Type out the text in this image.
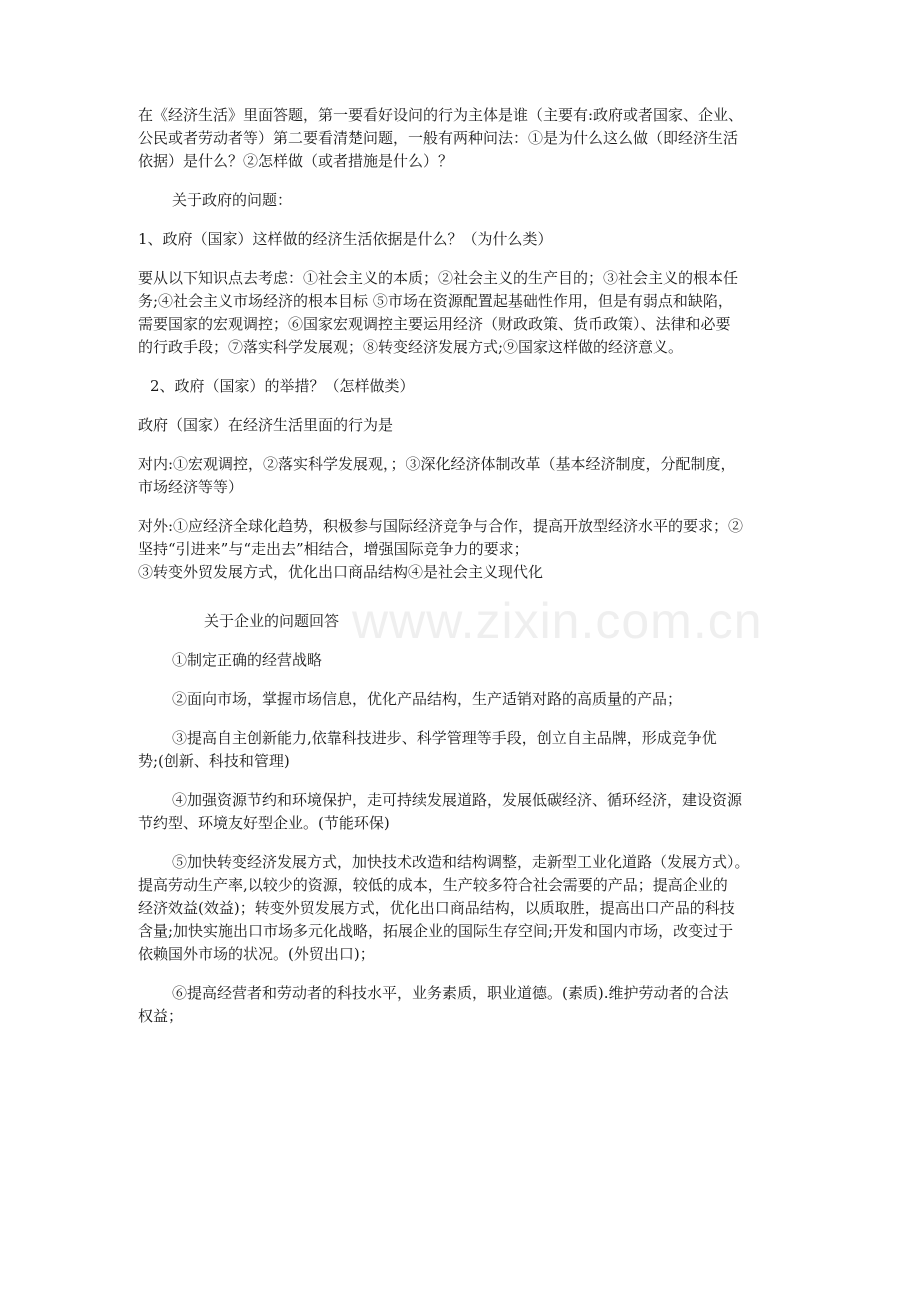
在《经济生活》里面答题，第一要看好设问的行为主体是谁（主要有:政府或者国家、企业、
公民或者劳动者等）第二要看清楚问题，一般有两种问法：①是为什么这么做（即经济生活
依据）是什么？②怎样做（或者措施是什么）？

关于政府的问题：

1、政府（国家）这样做的经济生活依据是什么？（为什么类）

要从以下知识点去考虑：①社会主义的本质；②社会主义的生产目的；③社会主义的根本任
务;④社会主义市场经济的根本目标 ⑤市场在资源配置起基础性作用，但是有弱点和缺陷，
需要国家的宏观调控；⑥国家宏观调控主要运用经济（财政政策、货币政策）、法律和必要
的行政手段；⑦落实科学发展观；⑧转变经济发展方式;⑨国家这样做的经济意义。

2、政府（国家）的举措？（怎样做类）

政府（国家）在经济生活里面的行为是

对内:①宏观调控，②落实科学发展观，；③深化经济体制改革（基本经济制度，分配制度，
市场经济等等）

对外:①应经济全球化趋势，积极参与国际经济竞争与合作，提高开放型经济水平的要求；②
坚持“引进来”与“走出去”相结合，增强国际竞争力的要求；
③转变外贸发展方式，优化出口商品结构④是社会主义现代化

关于企业的问题回答

①制定正确的经营战略

②面向市场，掌握市场信息，优化产品结构，生产适销对路的高质量的产品；

③提高自主创新能力,依靠科技进步、科学管理等手段，创立自主品牌，形成竞争优
势;(创新、科技和管理)

④加强资源节约和环境保护，走可持续发展道路，发展低碳经济、循环经济，建设资源
节约型、环境友好型企业。(节能环保)

⑤加快转变经济发展方式，加快技术改造和结构调整，走新型工业化道路（发展方式）。
提高劳动生产率,以较少的资源，较低的成本，生产较多符合社会需要的产品；提高企业的
经济效益(效益)；转变外贸发展方式，优化出口商品结构，以质取胜，提高出口产品的科技
含量;加快实施出口市场多元化战略，拓展企业的国际生存空间;开发和国内市场，改变过于
依赖国外市场的状况。(外贸出口)；

⑥提高经营者和劳动者的科技水平，业务素质，职业道德。(素质).维护劳动者的合法
权益；

www.zixin.com.cn
